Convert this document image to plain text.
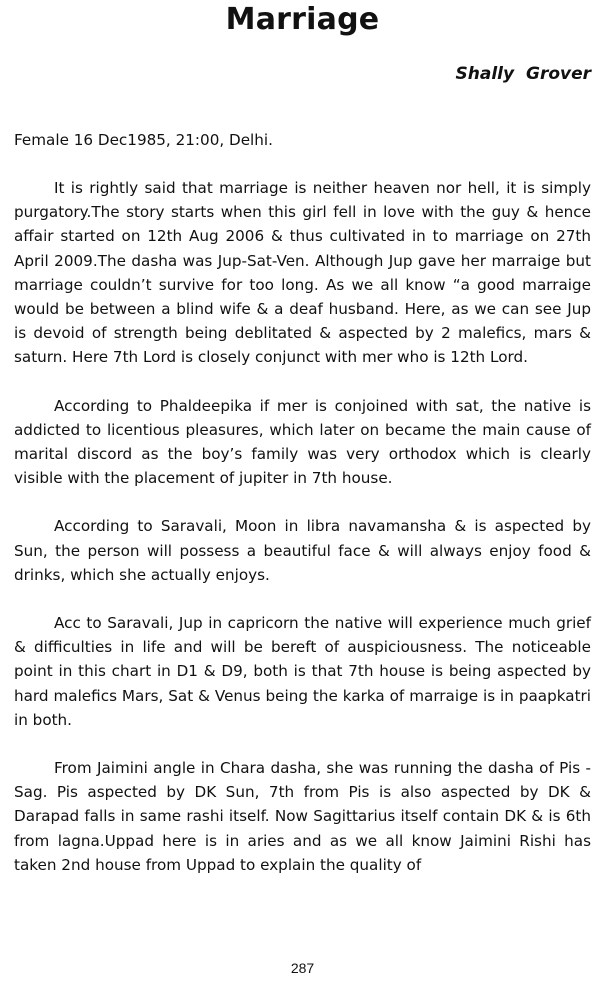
Marriage

Shally Grover

Female 16 Dec1985, 21:00, Delhi.

It is rightly said that marriage is neither heaven nor hell, it is simply purgatory.The story starts when this girl fell in love with the guy & hence affair started on 12th Aug 2006 & thus cultivated in to marriage on 27th April 2009.The dasha was Jup-Sat-Ven. Although Jup gave her marraige but marriage couldn’t survive for too long. As we all know “a good marraige would be between a blind wife & a deaf husband. Here, as we can see Jup is devoid of strength being deblitated & aspected by 2 malefics, mars & saturn. Here 7th Lord is closely conjunct with mer who is 12th Lord.

According to Phaldeepika if mer is conjoined with sat, the native is addicted to licentious pleasures, which later on became the main cause of marital discord as the boy’s family was very orthodox which is clearly visible with the placement of jupiter in 7th house.

According to Saravali, Moon in libra navamansha & is aspected by Sun, the person will possess a beautiful face & will always enjoy food & drinks, which she actually enjoys.

Acc to Saravali, Jup in capricorn the native will experience much grief & difficulties in life and will be bereft of auspiciousness. The noticeable point in this chart in D1 & D9, both is that 7th house is being aspected by hard malefics Mars, Sat & Venus being the karka of marraige is in paapkatri in both.

From Jaimini angle in Chara dasha, she was running the dasha of Pis -Sag. Pis aspected by DK Sun, 7th from Pis is also aspected by DK & Darapad falls in same rashi itself. Now Sagittarius itself contain DK & is 6th from lagna.Uppad here is in aries and as we all know Jaimini Rishi has taken 2nd house from Uppad to explain the quality of

287
